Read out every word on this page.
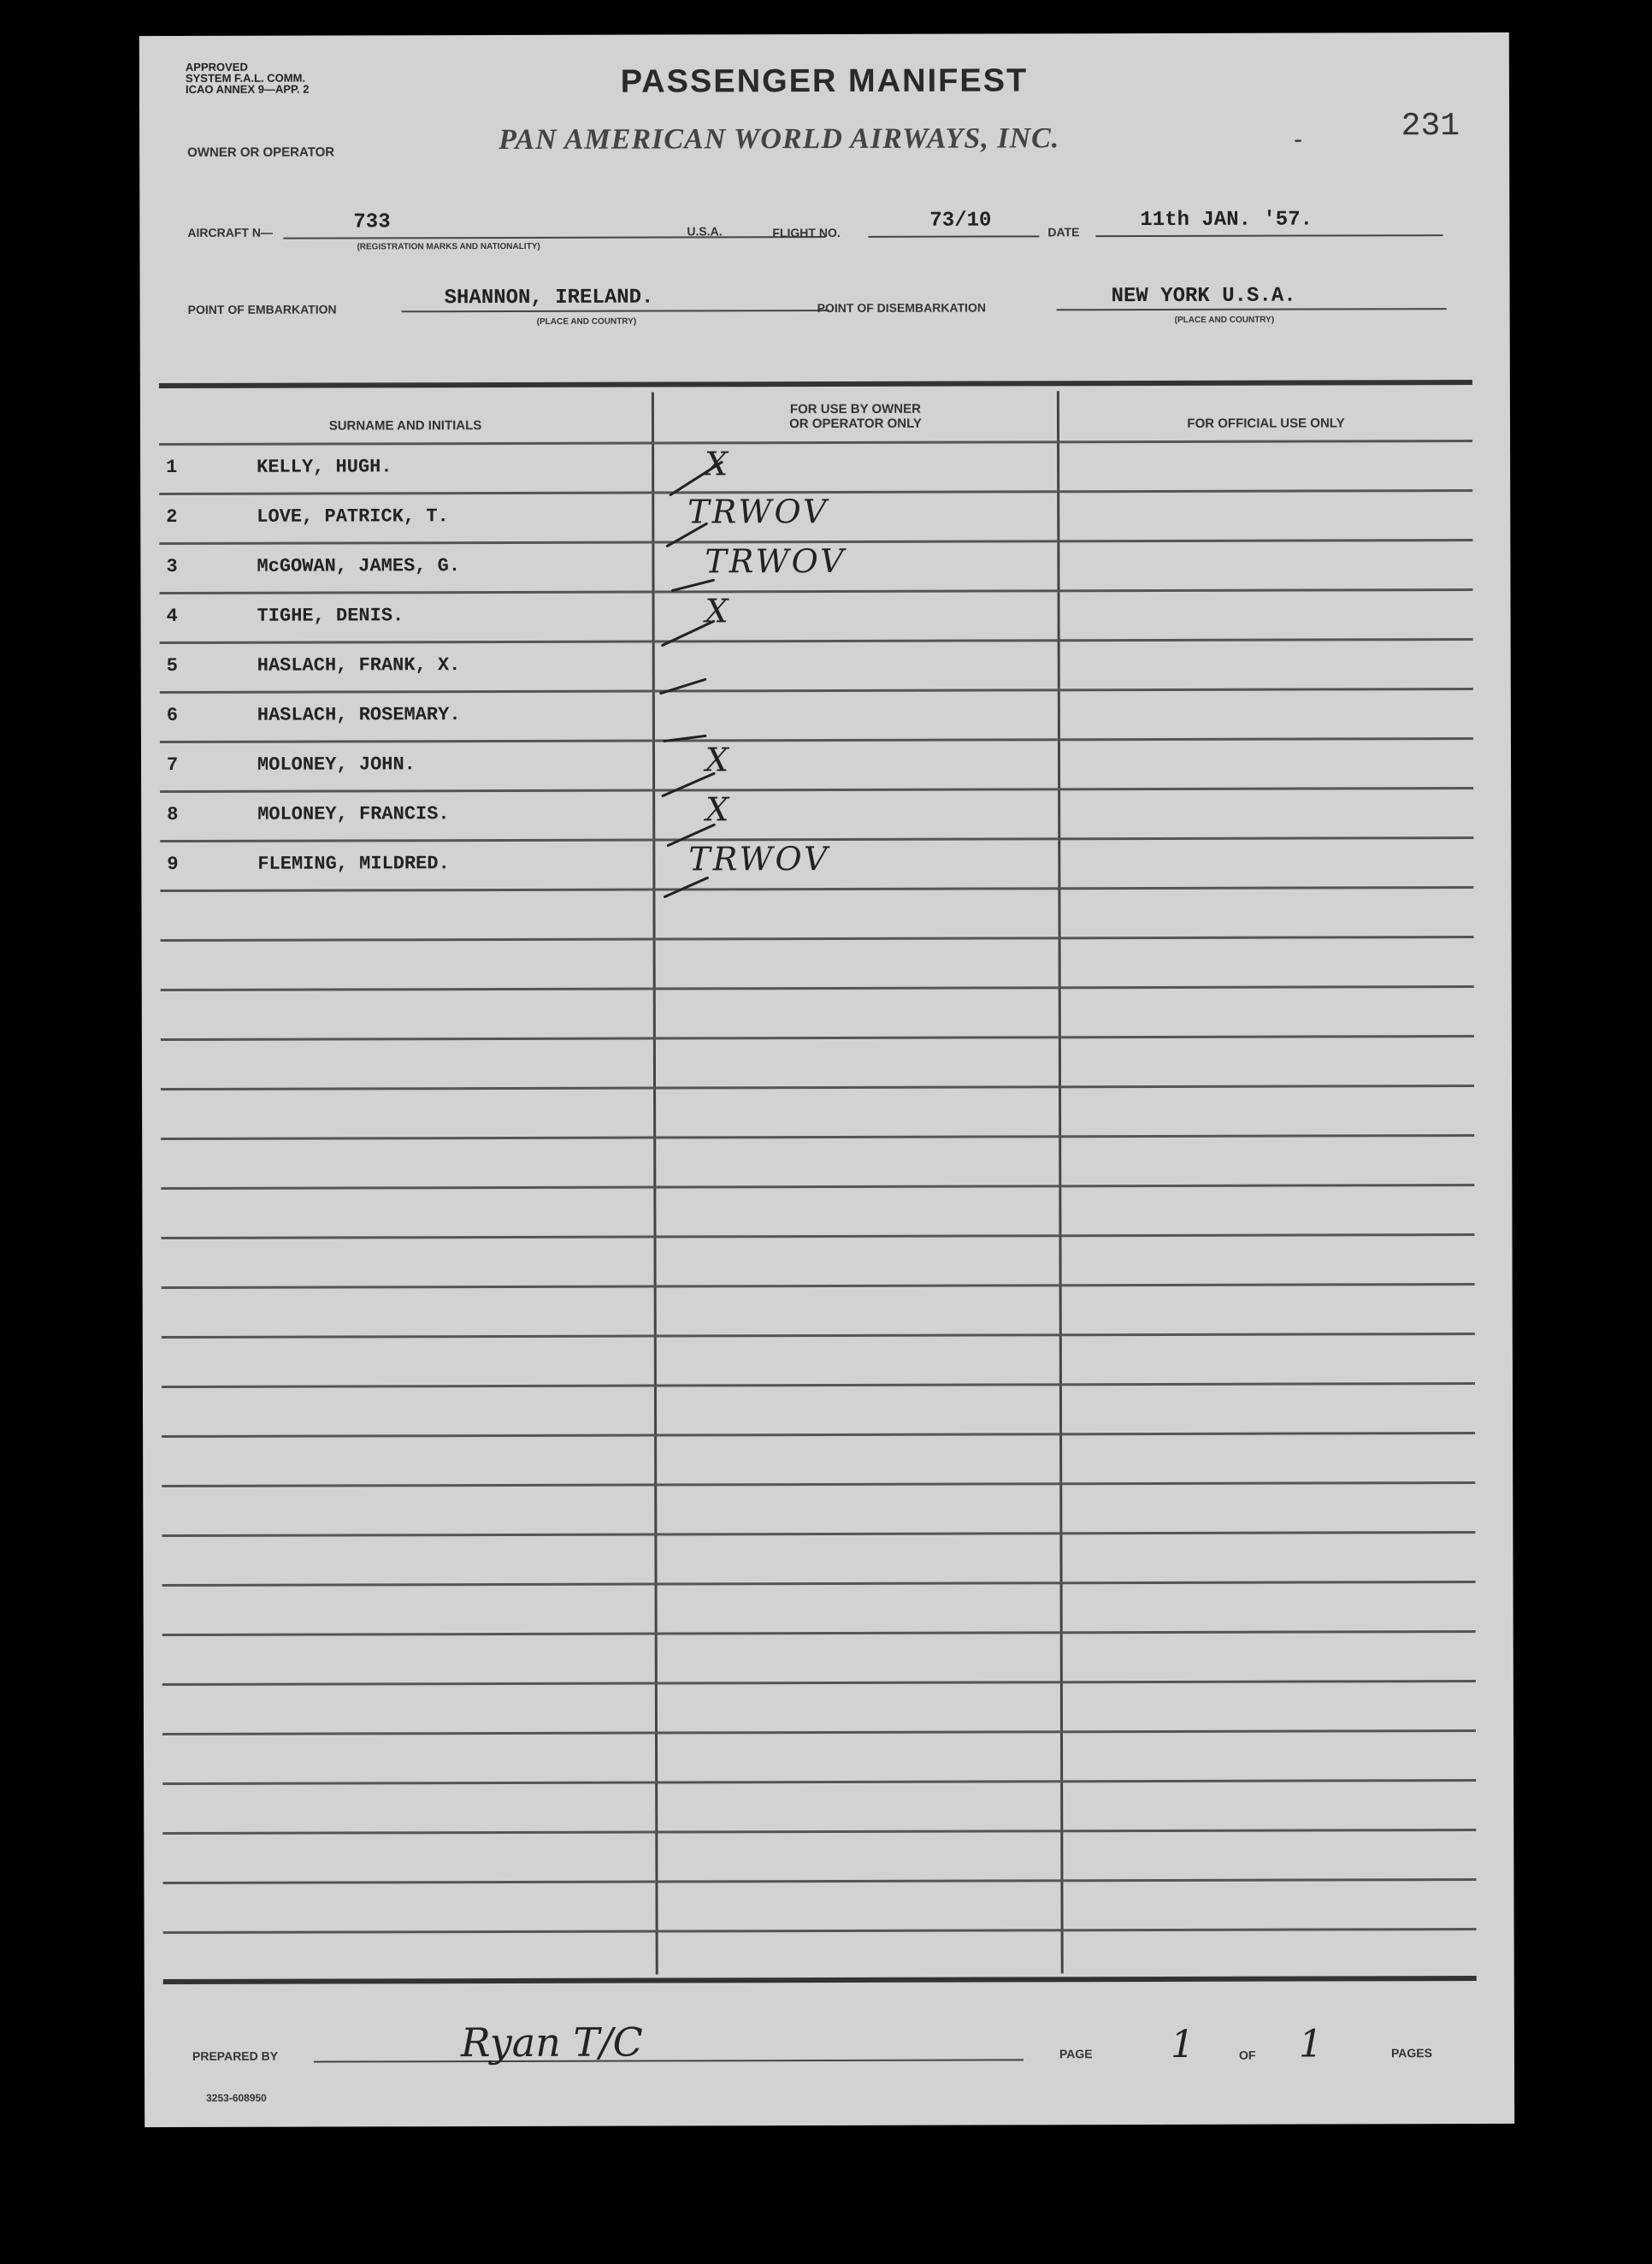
APPROVED
SYSTEM F.A.L. COMM.
ICAO ANNEX 9—APP. 2	PASSENGER MANIFEST
231
OWNER OR OPERATOR	PAN AMERICAN WORLD AIRWAYS, INC.	-
AIRCRAFT N—	733
(REGISTRATION MARKS AND NATIONALITY)
U.S.A.	FLIGHT NO.
73/10	DATE
11th JAN. '57.
POINT OF EMBARKATION	SHANNON, IRELAND.
(PLACE AND COUNTRY)
POINT OF DISEMBARKATION	NEW YORK U.S.A.
(PLACE AND COUNTRY)
SURNAME AND INITIALS
FOR USE BY OWNER
OR OPERATOR ONLY	FOR OFFICIAL USE ONLY
1	KELLY, HUGH.	X
2	LOVE, PATRICK, T.	TRWOV
3	McGOWAN, JAMES, G.	TRWOV
4	TIGHE, DENIS.	X
5	HASLACH, FRANK, X.
6	HASLACH, ROSEMARY.
7	MOLONEY, JOHN.	X
8	MOLONEY, FRANCIS.	X
9	FLEMING, MILDRED.	TRWOV
PREPARED BY	Ryan T/C	PAGE 1	OF 1	PAGES
3253-608950
